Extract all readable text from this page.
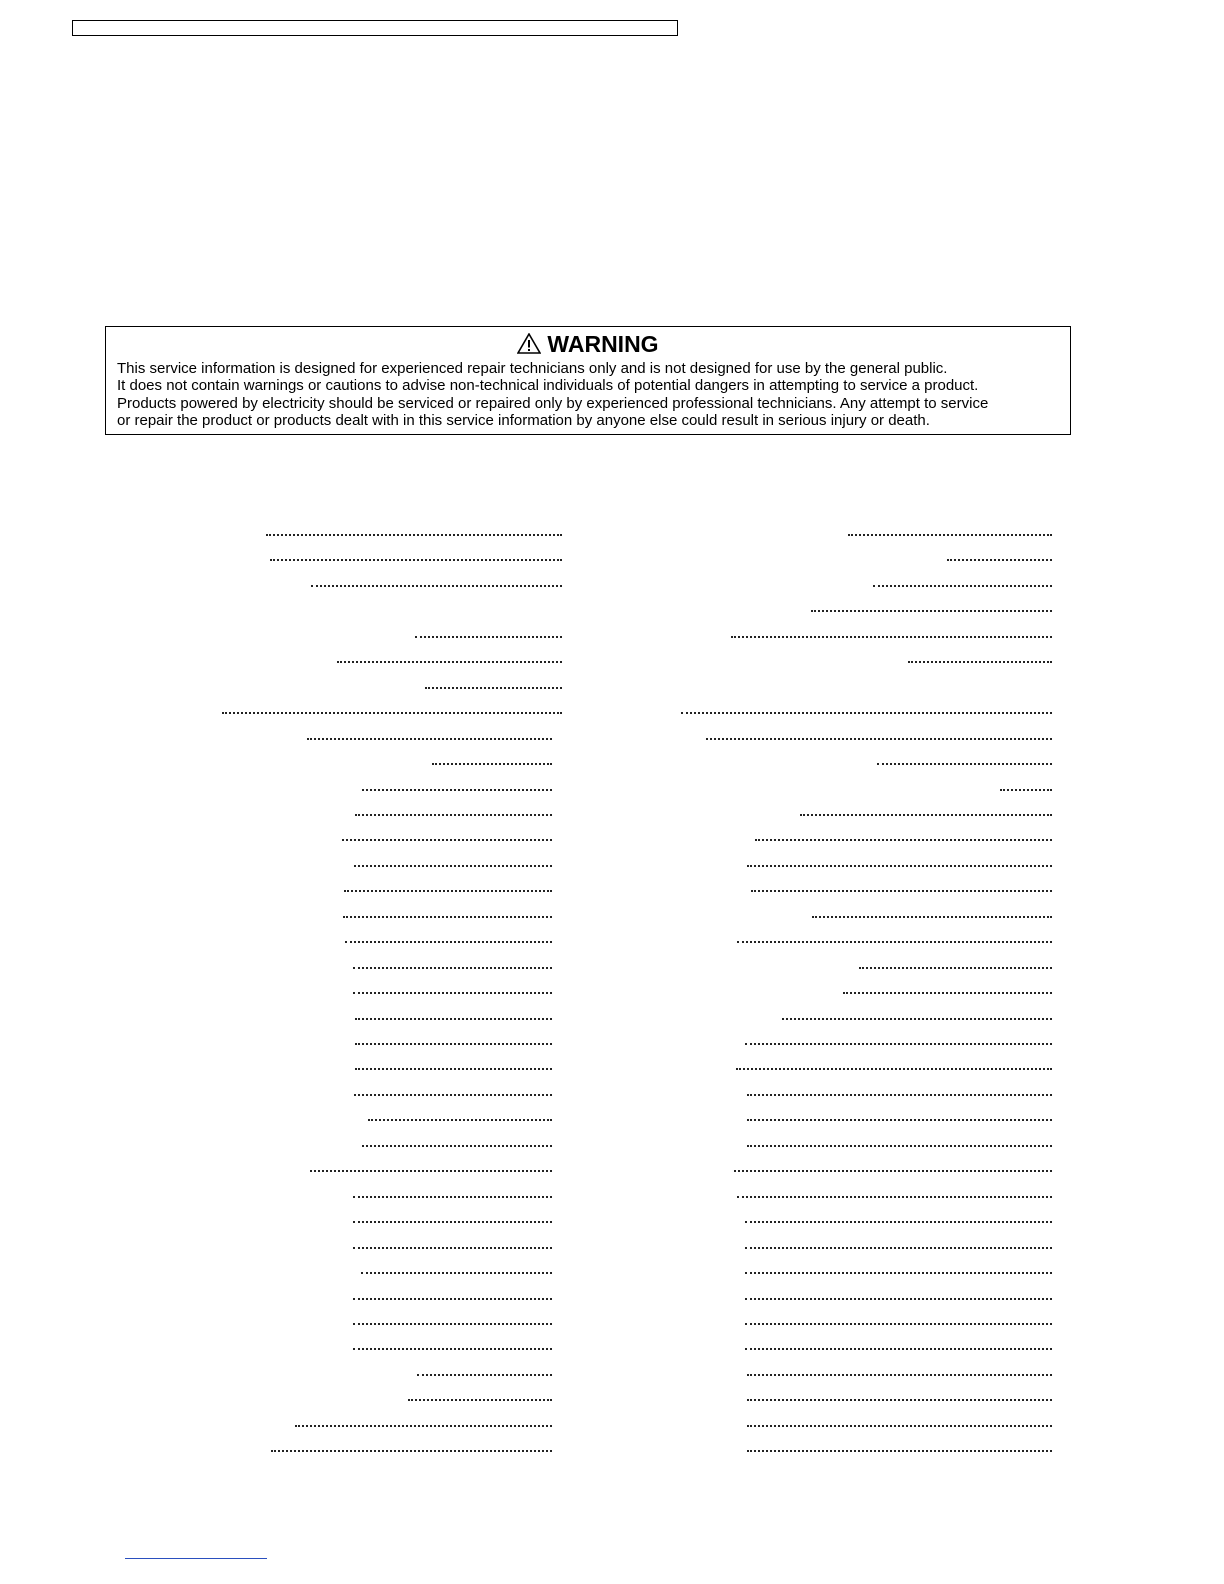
WARNING
This service information is designed for experienced repair technicians only and is not designed for use by the general public.
It does not contain warnings or cautions to advise non-technical individuals of potential dangers in attempting to service a product.
Products powered by electricity should be serviced or repaired only by experienced professional technicians. Any attempt to service
or repair the product or products dealt with in this service information by anyone else could result in serious injury or death.
